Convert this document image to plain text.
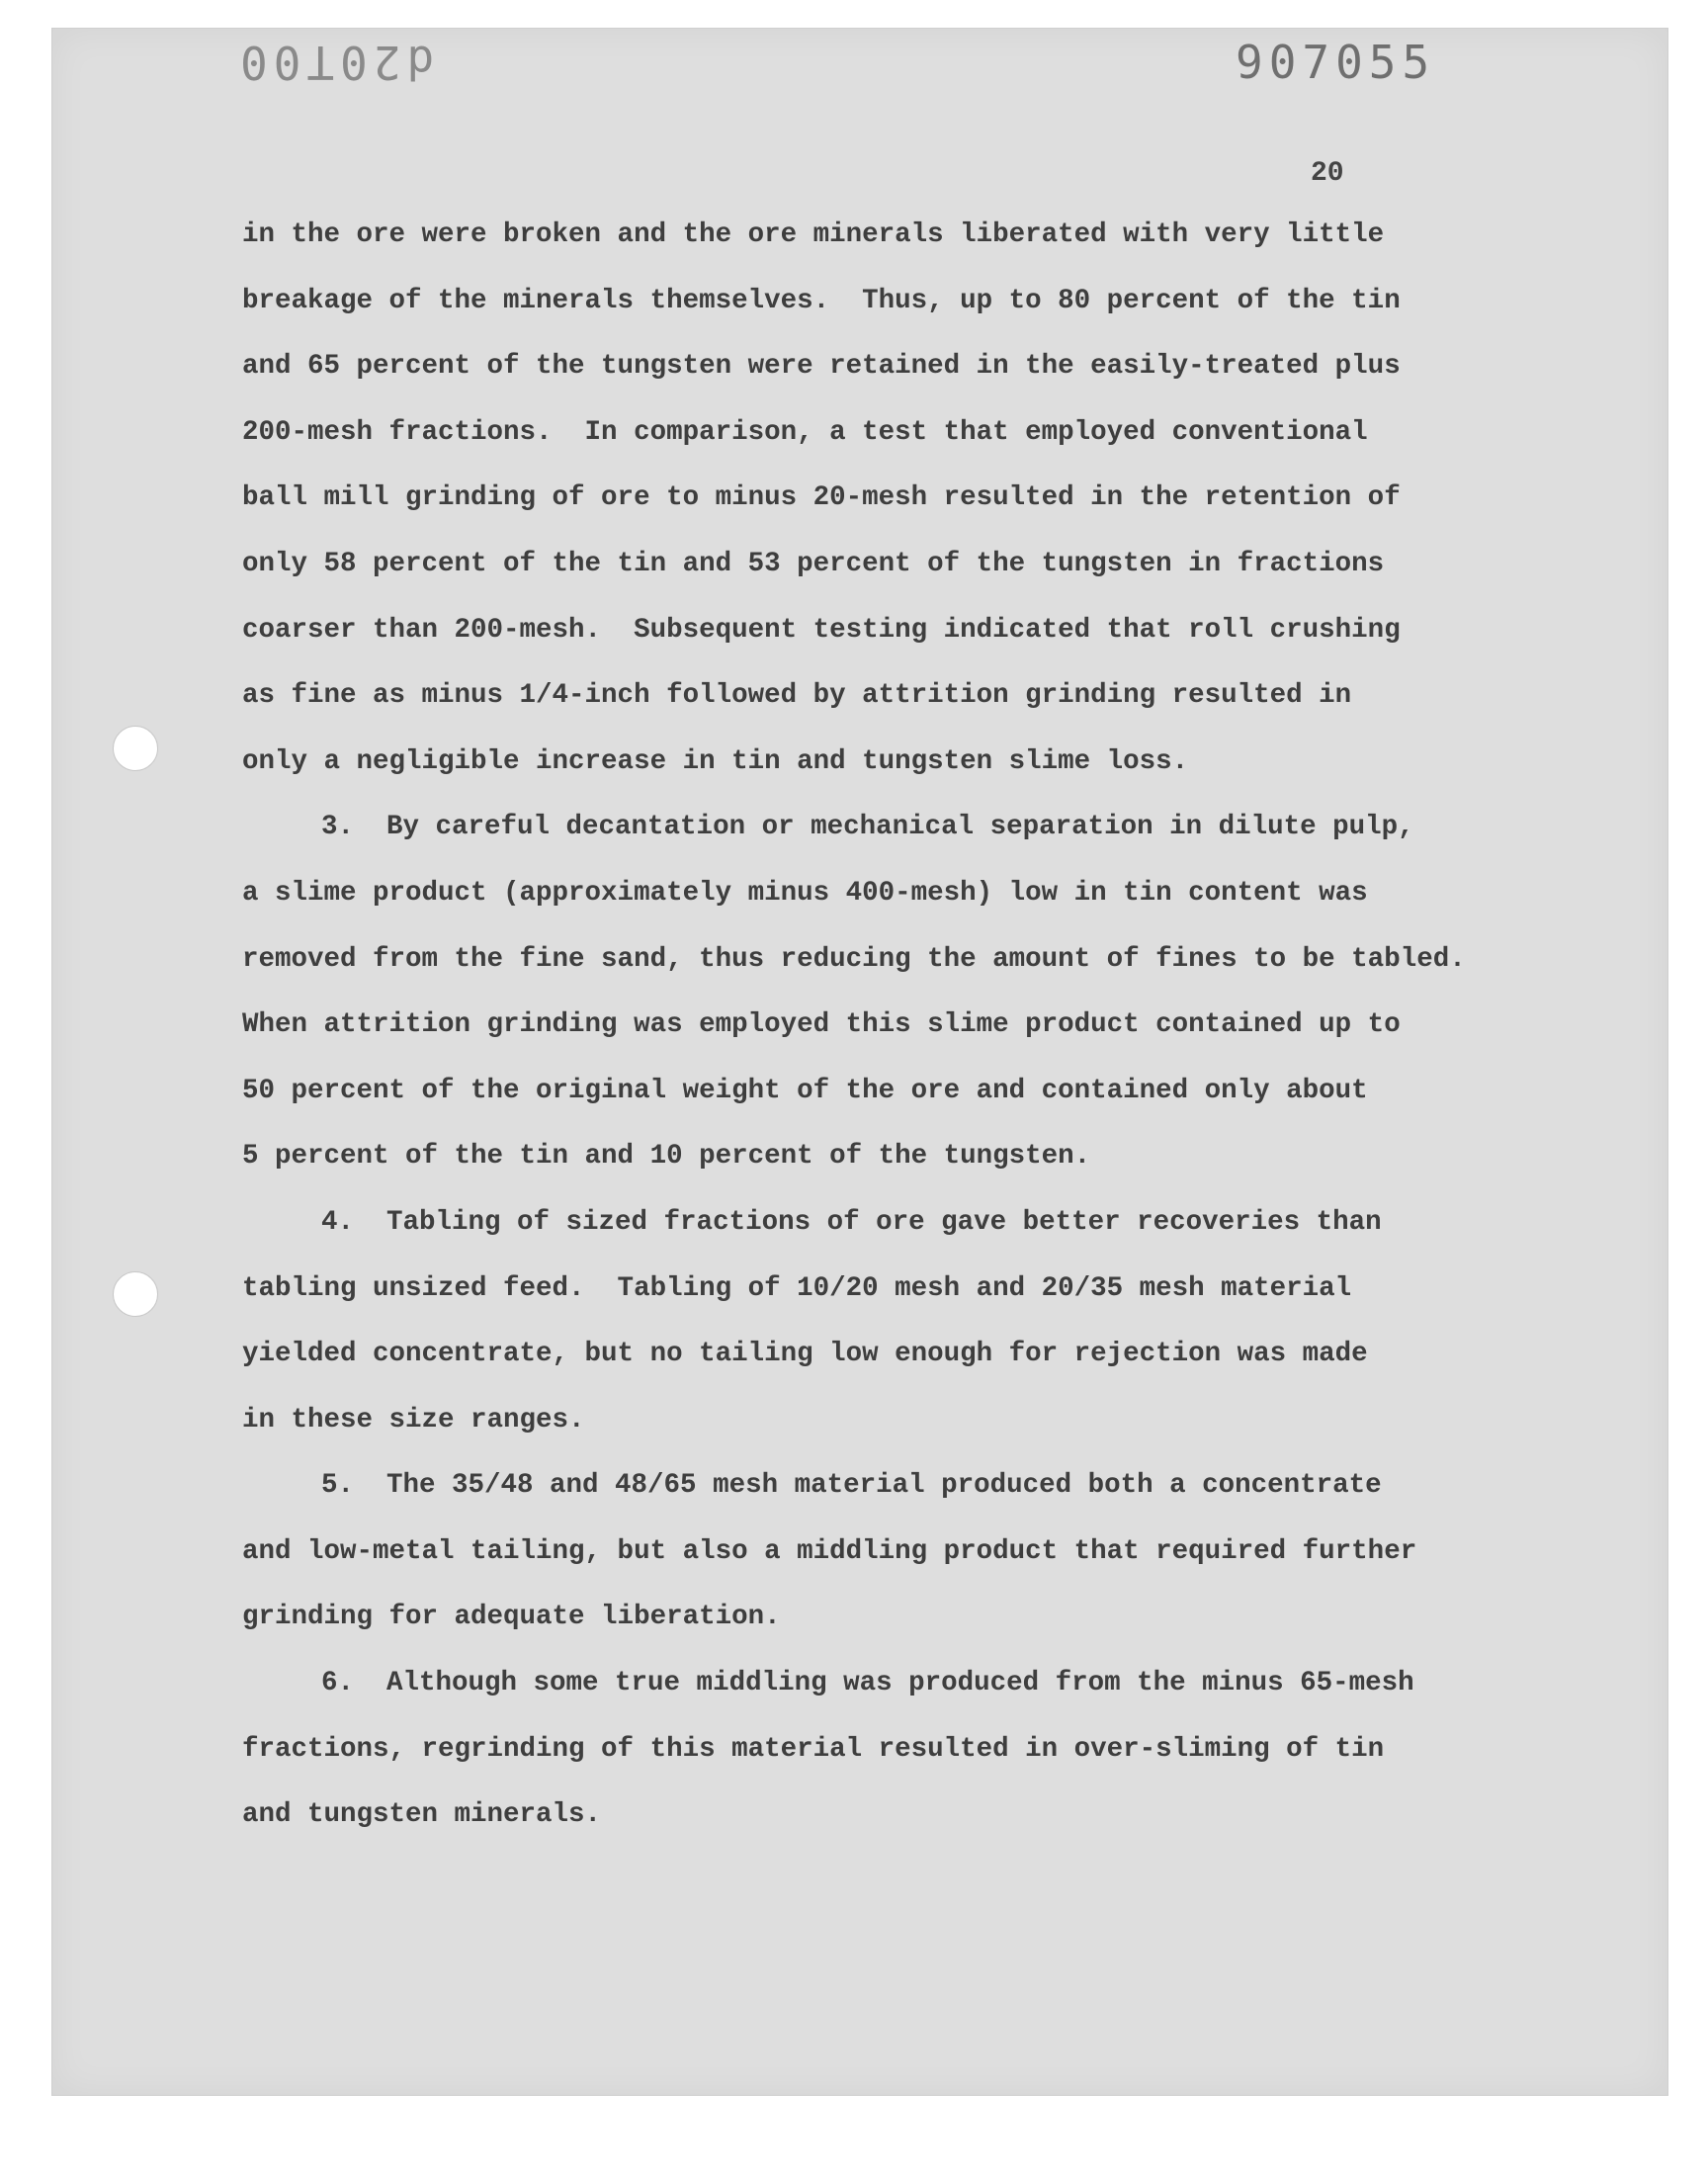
d20T00	907055
20
in the ore were broken and the ore minerals liberated with very little
breakage of the minerals themselves.  Thus, up to 80 percent of the tin
and 65 percent of the tungsten were retained in the easily-treated plus
200-mesh fractions.  In comparison, a test that employed conventional
ball mill grinding of ore to minus 20-mesh resulted in the retention of
only 58 percent of the tin and 53 percent of the tungsten in fractions
coarser than 200-mesh.  Subsequent testing indicated that roll crushing
as fine as minus 1/4-inch followed by attrition grinding resulted in
only a negligible increase in tin and tungsten slime loss.
3.  By careful decantation or mechanical separation in dilute pulp,
a slime product (approximately minus 400-mesh) low in tin content was
removed from the fine sand, thus reducing the amount of fines to be tabled.
When attrition grinding was employed this slime product contained up to
50 percent of the original weight of the ore and contained only about
5 percent of the tin and 10 percent of the tungsten.
4.  Tabling of sized fractions of ore gave better recoveries than
tabling unsized feed.  Tabling of 10/20 mesh and 20/35 mesh material
yielded concentrate, but no tailing low enough for rejection was made
in these size ranges.
5.  The 35/48 and 48/65 mesh material produced both a concentrate
and low-metal tailing, but also a middling product that required further
grinding for adequate liberation.
6.  Although some true middling was produced from the minus 65-mesh
fractions, regrinding of this material resulted in over-sliming of tin
and tungsten minerals.
